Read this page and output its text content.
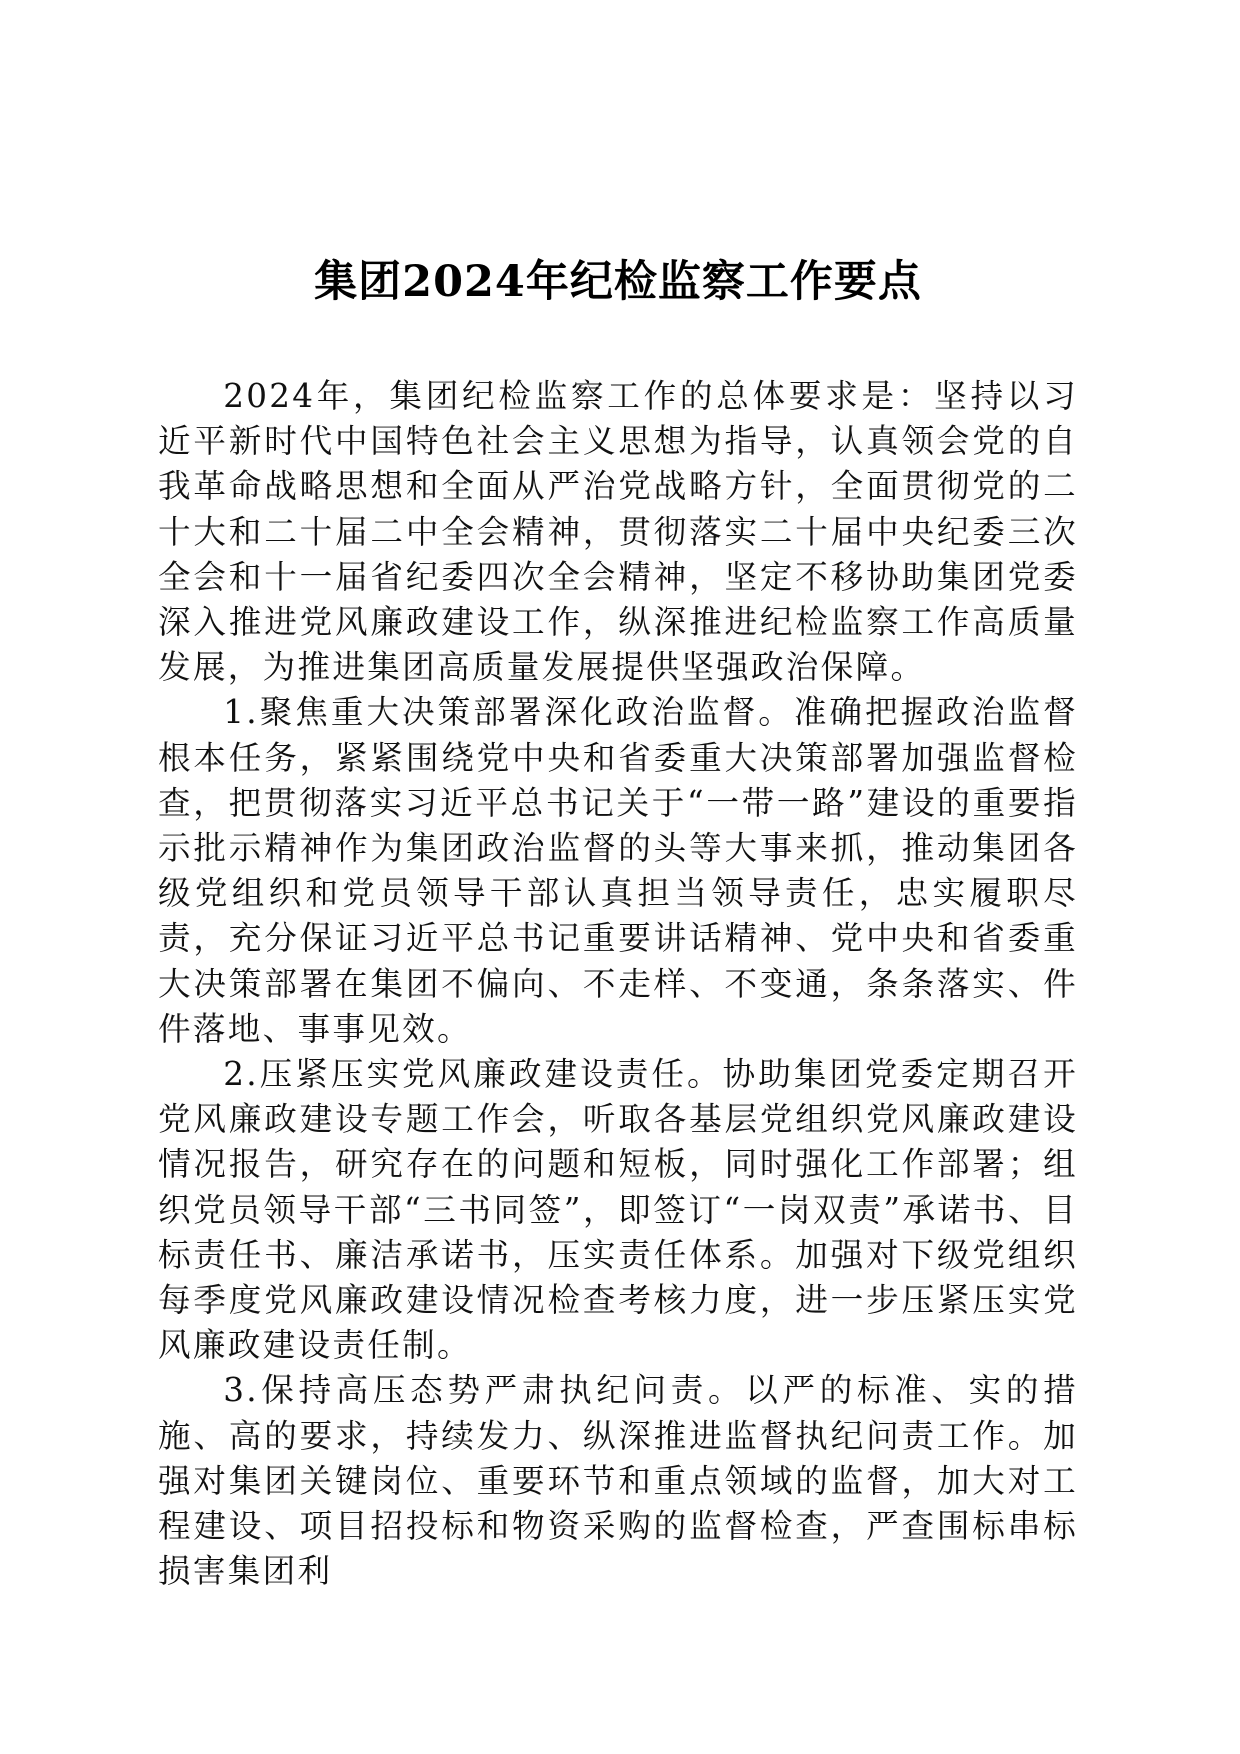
集团2024年纪检监察工作要点

2024年，集团纪检监察工作的总体要求是：坚持以习近平新时代中国特色社会主义思想为指导，认真领会党的自我革命战略思想和全面从严治党战略方针，全面贯彻党的二十大和二十届二中全会精神，贯彻落实二十届中央纪委三次全会和十一届省纪委四次全会精神，坚定不移协助集团党委深入推进党风廉政建设工作，纵深推进纪检监察工作高质量发展，为推进集团高质量发展提供坚强政治保障。

1.聚焦重大决策部署深化政治监督。准确把握政治监督根本任务，紧紧围绕党中央和省委重大决策部署加强监督检查，把贯彻落实习近平总书记关于“一带一路”建设的重要指示批示精神作为集团政治监督的头等大事来抓，推动集团各级党组织和党员领导干部认真担当领导责任，忠实履职尽责，充分保证习近平总书记重要讲话精神、党中央和省委重大决策部署在集团不偏向、不走样、不变通，条条落实、件件落地、事事见效。

2.压紧压实党风廉政建设责任。协助集团党委定期召开党风廉政建设专题工作会，听取各基层党组织党风廉政建设情况报告，研究存在的问题和短板，同时强化工作部署；组织党员领导干部“三书同签”，即签订“一岗双责”承诺书、目标责任书、廉洁承诺书，压实责任体系。加强对下级党组织每季度党风廉政建设情况检查考核力度，进一步压紧压实党风廉政建设责任制。

3.保持高压态势严肃执纪问责。以严的标准、实的措施、高的要求，持续发力、纵深推进监督执纪问责工作。加强对集团关键岗位、重要环节和重点领域的监督，加大对工程建设、项目招投标和物资采购的监督检查，严查围标串标损害集团利
